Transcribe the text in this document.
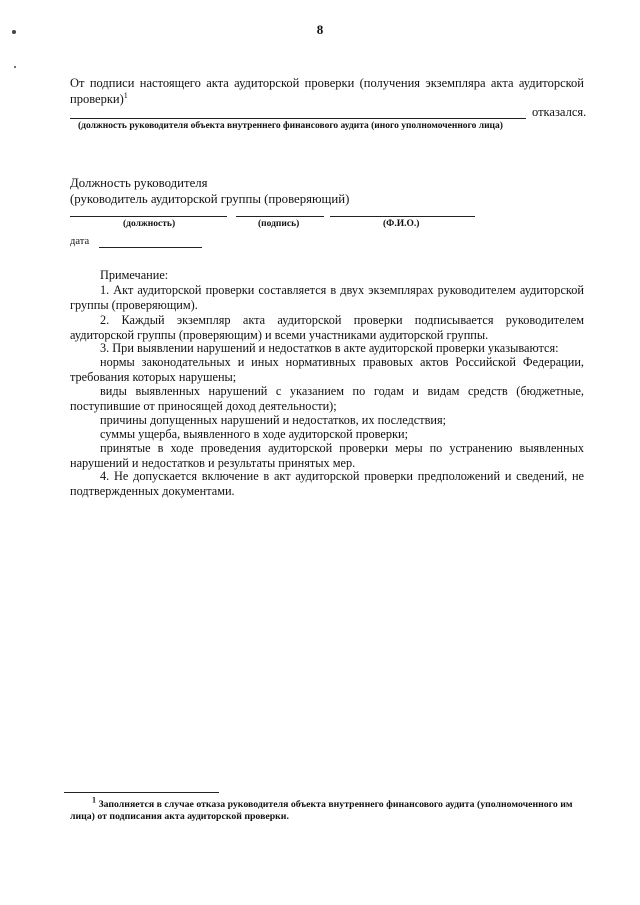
8
От подписи настоящего акта аудиторской проверки (получения экземпляра акта аудиторской проверки)$^1$
отказался.
(должность руководителя объекта внутреннего финансового аудита (иного уполномоченного лица)
Должность руководителя
(руководитель аудиторской группы (проверяющий)
(должность)	(подпись)	(Ф.И.О.)
дата
Примечание:
1. Акт аудиторской проверки составляется в двух экземплярах руководителем аудиторской группы (проверяющим).
2. Каждый экземпляр акта аудиторской проверки подписывается руководителем аудиторской группы (проверяющим) и всеми участниками аудиторской группы.
3. При выявлении нарушений и недостатков в акте аудиторской проверки указываются:
нормы законодательных и иных нормативных правовых актов Российской Федерации, требования которых нарушены;
виды выявленных нарушений с указанием по годам и видам средств (бюджетные, поступившие от приносящей доход деятельности);
причины допущенных нарушений и недостатков, их последствия;
суммы ущерба, выявленного в ходе аудиторской проверки;
принятые в ходе проведения аудиторской проверки меры по устранению выявленных нарушений и недостатков и результаты принятых мер.
4. Не допускается включение в акт аудиторской проверки предположений и сведений, не подтвержденных документами.
$^1$ Заполняется в случае отказа руководителя объекта внутреннего финансового аудита (уполномоченного им лица) от подписания акта аудиторской проверки.
